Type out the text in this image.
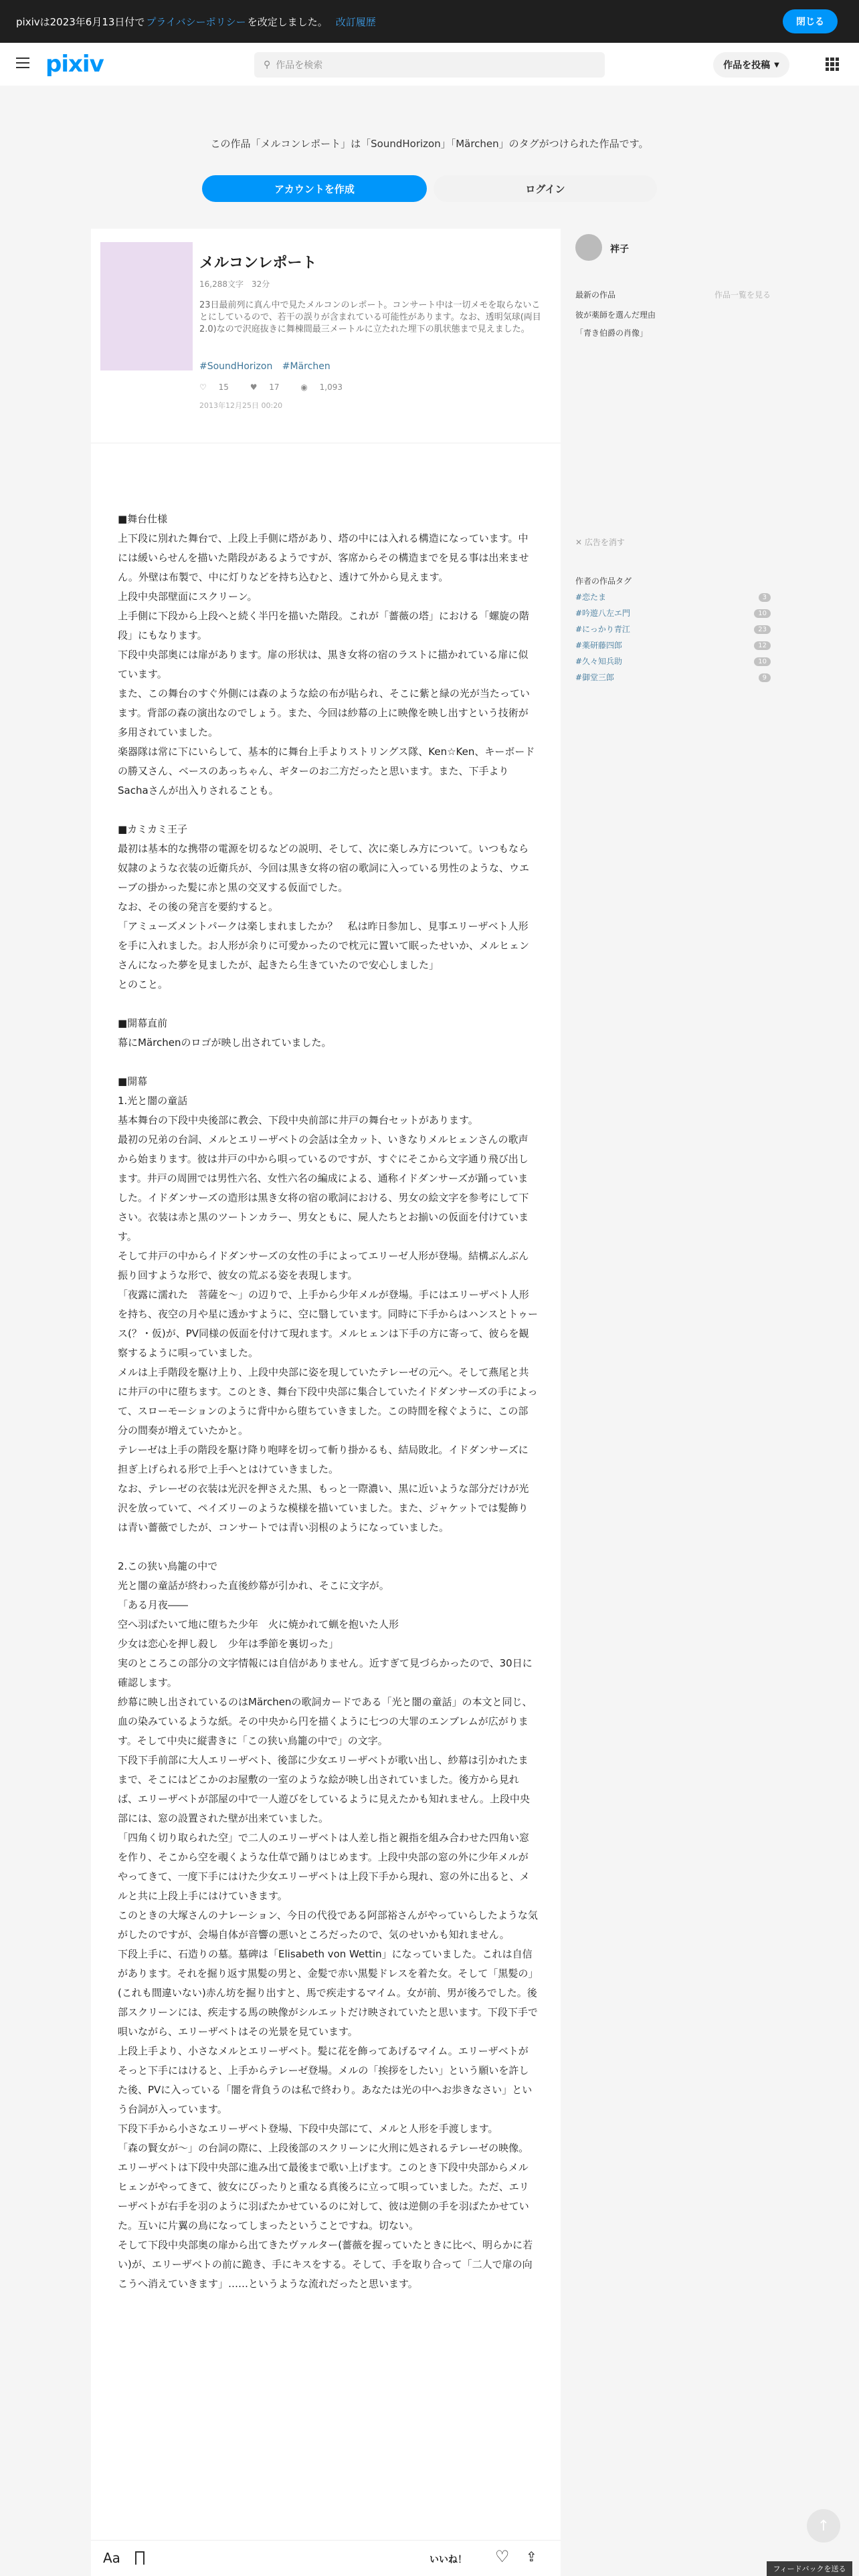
pixivは2023年6月13日付で プライバシーポリシー を改定しました。 改訂履歴	閉じる
pixiv	⚲ 作品を検索	作品を投稿 ▼
この作品「メルコンレポート」は「SoundHorizon」「Märchen」のタグがつけられた作品です。
アカウントを作成	ログイン
メルコンレポート
16,288文字　32分
23日最前列に真ん中で見たメルコンのレポート。コンサート中は一切メモを取らないことにしているので、若干の誤りが含まれている可能性があります。なお、透明気球(両目2.0)なので沢庭抜きに舞棟間最三メートルに立たれた埋下の肌状態まで見えました。
#SoundHorizon #Märchen
♡ 15	♥ 17	◉ 1,093
2013年12月25日 00:20

■舞台仕様

上下段に別れた舞台で、上段上手側に塔があり、塔の中には入れる構造になっています。中には緩いらせんを描いた階段があるようですが、客席からその構造までを見る事は出来ません。外壁は布製で、中に灯りなどを持ち込むと、透けて外から見えます。

上段中央部壁面にスクリーン。

上手側に下段から上段へと続く半円を描いた階段。これが「薔薇の塔」における「螺旋の階段」にもなります。

下段中央部奥には扉があります。扉の形状は、黒き女将の宿のラストに描かれている扉に似ています。

また、この舞台のすぐ外側には森のような絵の布が貼られ、そこに紫と緑の光が当たっています。背部の森の演出なのでしょう。また、今回は紗幕の上に映像を映し出すという技術が多用されていました。

楽器隊は常に下にいらして、基本的に舞台上手よりストリングス隊、Ken☆Ken、キーボードの勝又さん、ベースのあっちゃん、ギターのお二方だったと思います。また、下手よりSachaさんが出入りされることも。

■カミカミ王子

最初は基本的な携帯の電源を切るなどの説明、そして、次に楽しみ方について。いつもなら奴隷のような衣装の近衛兵が、今回は黒き女将の宿の歌詞に入っている男性のような、ウエーブの掛かった髪に赤と黒の交叉する仮面でした。

なお、その後の発言を要約すると。

「アミューズメントパークは楽しまれましたか？　私は昨日参加し、見事エリーザベト人形を手に入れました。お人形が余りに可愛かったので枕元に置いて眠ったせいか、メルヒェンさんになった夢を見ましたが、起きたら生きていたので安心しました」

とのこと。

■開幕直前

幕にMärchenのロゴが映し出されていました。

■開幕

1.光と闇の童話

基本舞台の下段中央後部に教会、下段中央前部に井戸の舞台セットがあります。

最初の兄弟の台詞、メルとエリーザベトの会話は全カット、いきなりメルヒェンさんの歌声から始まります。彼は井戸の中から唄っているのですが、すぐにそこから文字通り飛び出します。井戸の周囲では男性六名、女性六名の編成による、通称イドダンサーズが踊っていました。イドダンサーズの造形は黒き女将の宿の歌詞における、男女の絵文字を参考にして下さい。衣装は赤と黒のツートンカラー、男女ともに、屍人たちとお揃いの仮面を付けています。

そして井戸の中からイドダンサーズの女性の手によってエリーゼ人形が登場。結構ぶんぶん振り回すような形で、彼女の荒ぶる姿を表現します。

「夜露に濡れた　菩薩を〜」の辺りで、上手から少年メルが登場。手にはエリーザベト人形を持ち、夜空の月や星に透かすように、空に翳しています。同時に下手からはハンスとトゥース(？・仮)が、PV同様の仮面を付けて現れます。メルヒェンは下手の方に寄って、彼らを観察するように唄っていました。

メルは上手階段を駆け上り、上段中央部に姿を現していたテレーゼの元へ。そして燕尾と共に井戸の中に堕ちます。このとき、舞台下段中央部に集合していたイドダンサーズの手によって、スローモーションのように背中から堕ちていきました。この時間を稼ぐように、この部分の間奏が増えていたかと。

テレーゼは上手の階段を駆け降り咆哮を切って斬り掛かるも、結局敗北。イドダンサーズに担ぎ上げられる形で上手へとはけていきました。

なお、テレーゼの衣装は光沢を押さえた黒、もっと一際濃い、黒に近いような部分だけが光沢を放っていて、ペイズリーのような模様を描いていました。また、ジャケットでは髪飾りは青い薔薇でしたが、コンサートでは青い羽根のようになっていました。

2.この狭い鳥籠の中で

光と闇の童話が終わった直後紗幕が引かれ、そこに文字が。

「ある月夜――

空へ羽ばたいて地に堕ちた少年　火に焼かれて蝋を抱いた人形

少女は恋心を押し殺し　少年は季節を裏切った」

実のところこの部分の文字情報には自信がありません。近すぎて見づらかったので、30日に確認します。

紗幕に映し出されているのはMärchenの歌詞カードである「光と闇の童話」の本文と同じ、血の染みているような紙。その中央から円を描くように七つの大罪のエンブレムが広がります。そして中央に縦書きに「この狭い鳥籠の中で」の文字。

下段下手前部に大人エリーザベト、後部に少女エリーザベトが歌い出し、紗幕は引かれたままで、そこにはどこかのお屋敷の一室のような絵が映し出されていました。後方から見れば、エリーザベトが部屋の中で一人遊びをしているように見えたかも知れません。上段中央部には、窓の設置された壁が出来ていました。

「四角く切り取られた空」で二人のエリーザベトは人差し指と親指を組み合わせた四角い窓を作り、そこから空を覗くような仕草で踊りはじめます。上段中央部の窓の外に少年メルがやってきて、一度下手にはけた少女エリーザベトは上段下手から現れ、窓の外に出ると、メルと共に上段上手にはけていきます。

このときの大塚さんのナレーション、今日の代役である阿部裕さんがやっていらしたような気がしたのですが、会場自体が音響の悪いところだったので、気のせいかも知れません。

下段上手に、石造りの墓。墓碑は「Elisabeth von Wettin」になっていました。これは自信があります。それを掘り返す黒髪の男と、金髪で赤い黒髪ドレスを着た女。そして「黒髪の」(これも間違いない)赤ん坊を掘り出すと、馬で疾走するマイム。女が前、男が後ろでした。後部スクリーンには、疾走する馬の映像がシルエットだけ映されていたと思います。下段下手で唄いながら、エリーザベトはその光景を見ています。

上段上手より、小さなメルとエリーザベト。髪に花を飾ってあげるマイム。エリーザベトがそっと下手にはけると、上手からテレーゼ登場。メルの「挨拶をしたい」という願いを許した後、PVに入っている「闇を背負うのは私で終わり。あなたは光の中へお歩きなさい」という台詞が入っています。

下段下手から小さなエリーザベト登場、下段中央部にて、メルと人形を手渡します。

「森の賢女が〜」の台詞の際に、上段後部のスクリーンに火刑に処されるテレーゼの映像。エリーザベトは下段中央部に進み出て最後まで歌い上げます。このとき下段中央部からメルヒェンがやってきて、彼女にぴったりと重なる真後ろに立って唄っていました。ただ、エリーザベトが右手を羽のように羽ばたかせているのに対して、彼は逆側の手を羽ばたかせていた。互いに片翼の鳥になってしまったということですね。切ない。

そして下段中央部奥の扉から出てきたヴァルター(薔薇を握っていたときに比べ、明らかに若い)が、エリーザベトの前に跪き、手にキスをする。そして、手を取り合って「二人で扉の向こうへ消えていきます」……というような流れだったと思います。

袢子
最新の作品	作品一覧を見る
彼が薬師を選んだ理由
「青き伯爵の肖像」
✕ 広告を消す
作者の作品タグ
#恋たま	3
#吟遊八左エ門	10
#にっかり青江	23
#薬研藤四郎	12
#久々知兵助	10
#御堂三郎	9
Aa	いいね！ ♡ ⇪
↑
フィードバックを送る
